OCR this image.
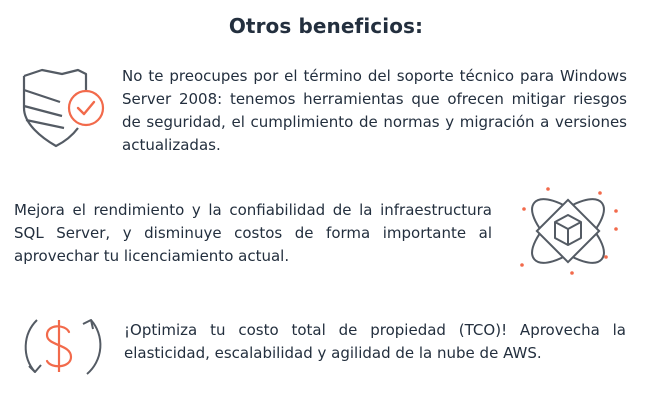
Otros beneficios:
No te preocupes por el término del soporte técnico para Windows Server 2008: tenemos herramientas que ofrecen mitigar riesgos de seguridad, el cumplimiento de normas y migración a versiones actualizadas.
Mejora el rendimiento y la confiabilidad de la infraestructura SQL Server, y disminuye costos de forma importante al aprovechar tu licenciamiento actual.
¡Optimiza tu costo total de propiedad (TCO)! Aprovecha la elasticidad, escalabilidad y agilidad de la nube de AWS.
